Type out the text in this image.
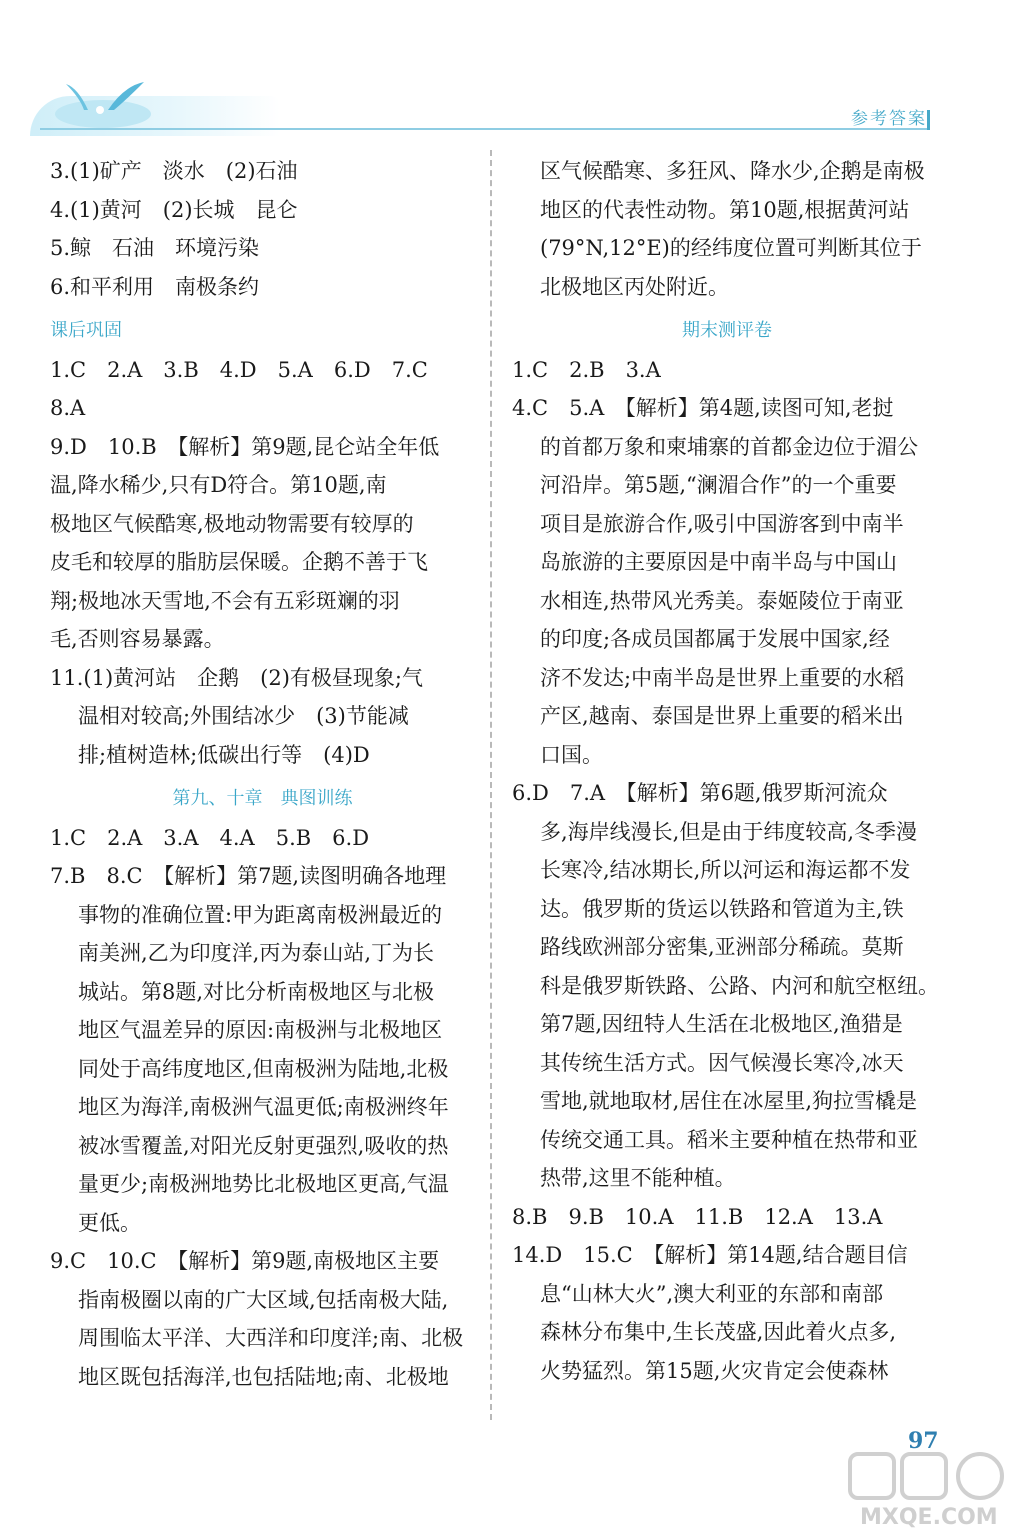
参考答案
3.(1)矿产　淡水　(2)石油
4.(1)黄河　(2)长城　昆仑
5.鲸　石油　环境污染
6.和平利用　南极条约
课后巩固
1.C　2.A　3.B　4.D　5.A　6.D　7.C
8.A
9.D　10.B　【解析】第9题,昆仑站全年低
温,降水稀少,只有D符合。第10题,南
极地区气候酷寒,极地动物需要有较厚的
皮毛和较厚的脂肪层保暖。企鹅不善于飞
翔;极地冰天雪地,不会有五彩斑斓的羽
毛,否则容易暴露。
11.(1)黄河站　企鹅　(2)有极昼现象;气
温相对较高;外围结冰少　(3)节能减
排;植树造林;低碳出行等　(4)D
第九、十章　典图训练
1.C　2.A　3.A　4.A　5.B　6.D
7.B　8.C　【解析】第7题,读图明确各地理
事物的准确位置:甲为距离南极洲最近的
南美洲,乙为印度洋,丙为泰山站,丁为长
城站。第8题,对比分析南极地区与北极
地区气温差异的原因:南极洲与北极地区
同处于高纬度地区,但南极洲为陆地,北极
地区为海洋,南极洲气温更低;南极洲终年
被冰雪覆盖,对阳光反射更强烈,吸收的热
量更少;南极洲地势比北极地区更高,气温
更低。
9.C　10.C　【解析】第9题,南极地区主要
指南极圈以南的广大区域,包括南极大陆,
周围临太平洋、大西洋和印度洋;南、北极
地区既包括海洋,也包括陆地;南、北极地
区气候酷寒、多狂风、降水少,企鹅是南极
地区的代表性动物。第10题,根据黄河站
(79°N,12°E)的经纬度位置可判断其位于
北极地区丙处附近。
期末测评卷
1.C　2.B　3.A
4.C　5.A　【解析】第4题,读图可知,老挝
的首都万象和柬埔寨的首都金边位于湄公
河沿岸。第5题,“澜湄合作”的一个重要
项目是旅游合作,吸引中国游客到中南半
岛旅游的主要原因是中南半岛与中国山
水相连,热带风光秀美。泰姬陵位于南亚
的印度;各成员国都属于发展中国家,经
济不发达;中南半岛是世界上重要的水稻
产区,越南、泰国是世界上重要的稻米出
口国。
6.D　7.A　【解析】第6题,俄罗斯河流众
多,海岸线漫长,但是由于纬度较高,冬季漫
长寒冷,结冰期长,所以河运和海运都不发
达。俄罗斯的货运以铁路和管道为主,铁
路线欧洲部分密集,亚洲部分稀疏。莫斯
科是俄罗斯铁路、公路、内河和航空枢纽。
第7题,因纽特人生活在北极地区,渔猎是
其传统生活方式。因气候漫长寒冷,冰天
雪地,就地取材,居住在冰屋里,狗拉雪橇是
传统交通工具。稻米主要种植在热带和亚
热带,这里不能种植。
8.B　9.B　10.A　11.B　12.A　13.A
14.D　15.C　【解析】第14题,结合题目信
息“山林大火”,澳大利亚的东部和南部
森林分布集中,生长茂盛,因此着火点多,
火势猛烈。第15题,火灾肯定会使森林
97
MXQE.COM
